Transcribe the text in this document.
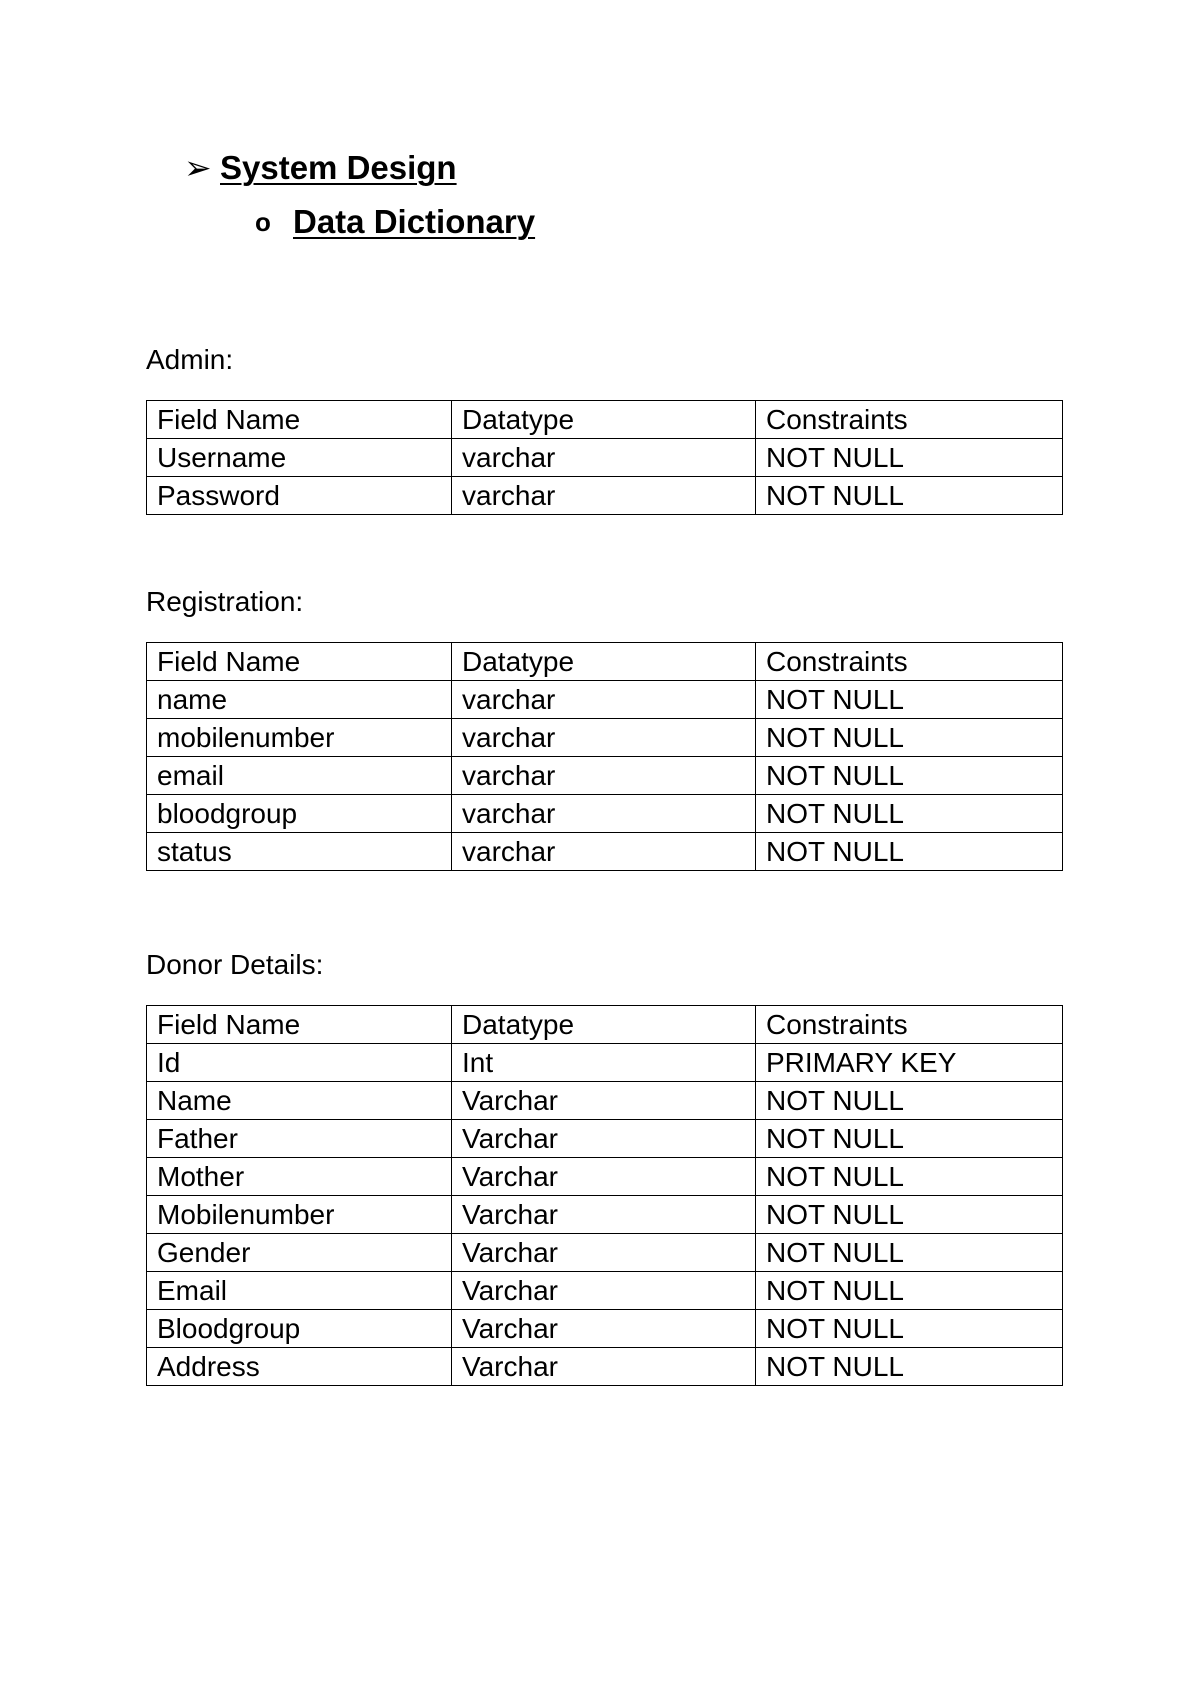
➢ System Design
o Data Dictionary
Admin:
Field Name	Datatype	Constraints
Username	varchar	NOT NULL
Password	varchar	NOT NULL
Registration:
Field Name	Datatype	Constraints
name	varchar	NOT NULL
mobilenumber	varchar	NOT NULL
email	varchar	NOT NULL
bloodgroup	varchar	NOT NULL
status	varchar	NOT NULL
Donor Details:
Field Name	Datatype	Constraints
Id	Int	PRIMARY KEY
Name	Varchar	NOT NULL
Father	Varchar	NOT NULL
Mother	Varchar	NOT NULL
Mobilenumber	Varchar	NOT NULL
Gender	Varchar	NOT NULL
Email	Varchar	NOT NULL
Bloodgroup	Varchar	NOT NULL
Address	Varchar	NOT NULL
